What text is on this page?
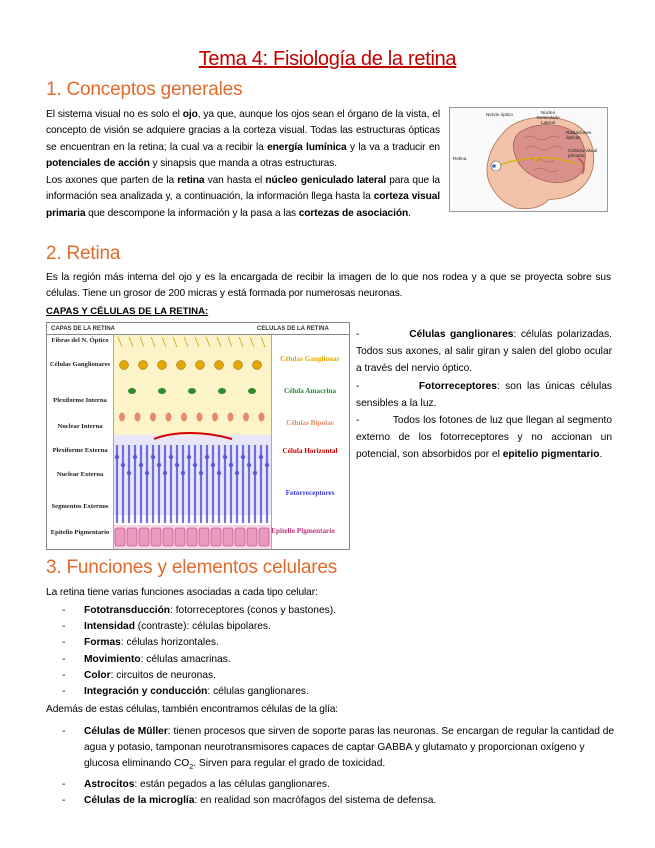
Tema 4: Fisiología de la retina
1. Conceptos generales
El sistema visual no es solo el ojo, ya que, aunque los ojos sean el órgano de la vista, el concepto de visión se adquiere gracias a la corteza visual. Todas las estructuras ópticas se encuentran en la retina; la cual va a recibir la energía lumínica y la va a traducir en potenciales de acción y sinapsis que manda a otras estructuras.
Los axones que parten de la retina van hasta el núcleo geniculado lateral para que la información sea analizada y, a continuación, la información llega hasta la corteza visual primaria que descompone la información y la pasa a las cortezas de asociación.
Nervio óptico	Núcleo Geniculado Lateral
Radiaciones ópticas
Corteza visual primaria
Retina
2. Retina
Es la región más interna del ojo y es la encargada de recibir la imagen de lo que nos rodea y a que se proyecta sobre sus células. Tiene un grosor de 200 micras y está formada por numerosas neuronas.
CAPAS Y CÉLULAS DE LA RETINA:
CAPAS DE LA RETINA	CELULAS DE LA RETINA
Fibras del N. Óptico
Células Ganglionares
Plexiforme Interna
Nuclear Interna
Plexiforme Externa
Nuclear Externa
Segmentos Externos
Epitelio Pigmentario
Células Ganglionar
Célula Amacrina
Células Bipolar
Célula Horizontal
Fotorreceptores
Epitelio Pigmentario
-	Células ganglionares: células polarizadas. Todos sus axones, al salir giran y salen del globo ocular a través del nervio óptico.
-	Fotorreceptores: son las únicas células sensibles a la luz.
-	Todos los fotones de luz que llegan al segmento externo de los fotorreceptores y no accionan un potencial, son absorbidos por el epitelio pigmentario.
3. Funciones y elementos celulares
La retina tiene varias funciones asociadas a cada tipo celular:
- Fototransducción: fotorreceptores (conos y bastones).
- Intensidad (contraste): células bipolares.
- Formas: células horizontales.
- Movimiento: células amacrinas.
- Color: circuitos de neuronas.
- Integración y conducción: células ganglionares.
Además de estas células, también encontramos células de la glía:
- Células de Müller: tienen procesos que sirven de soporte paras las neuronas. Se encargan de regular la cantidad de agua y potasio, tamponan neurotransmisores capaces de captar GABBA y glutamato y proporcionan oxígeno y glucosa eliminando $CO_2$. Sirven para regular el grado de toxicidad.
- Astrocitos: están pegados a las células ganglionares.
- Células de la microglía: en realidad son macrófagos del sistema de defensa.
